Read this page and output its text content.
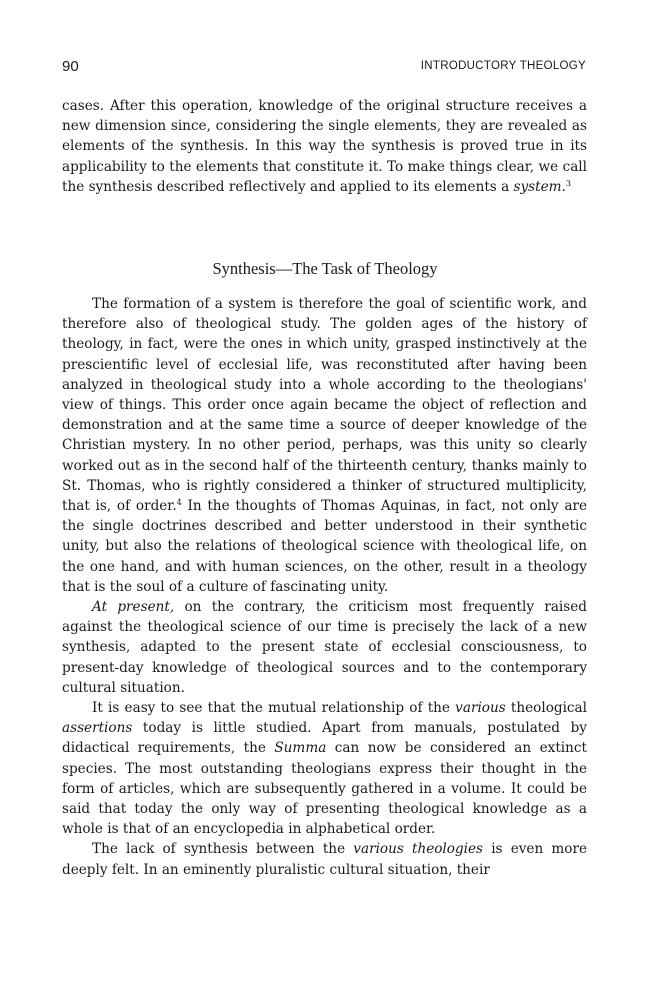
90	INTRODUCTORY THEOLOGY

cases. After this operation, knowledge of the original structure receives a new dimension since, considering the single elements, they are revealed as elements of the synthesis. In this way the synthesis is proved true in its applicability to the elements that constitute it. To make things clear, we call the synthesis described reflectively and applied to its elements a system.$^3$

Synthesis—The Task of Theology

The formation of a system is therefore the goal of scientific work, and therefore also of theological study. The golden ages of the history of theology, in fact, were the ones in which unity, grasped instinctively at the prescientific level of ecclesial life, was reconstituted after having been analyzed in theological study into a whole according to the theologians' view of things. This order once again became the object of reflection and demonstration and at the same time a source of deeper knowledge of the Christian mystery. In no other period, perhaps, was this unity so clearly worked out as in the second half of the thirteenth century, thanks mainly to St. Thomas, who is rightly considered a thinker of structured multiplicity, that is, of order.$^4$ In the thoughts of Thomas Aquinas, in fact, not only are the single doctrines described and better understood in their synthetic unity, but also the relations of theological science with theological life, on the one hand, and with human sciences, on the other, result in a theology that is the soul of a culture of fascinating unity.

At present, on the contrary, the criticism most frequently raised against the theological science of our time is precisely the lack of a new synthesis, adapted to the present state of ecclesial consciousness, to present-day knowledge of theological sources and to the contemporary cultural situation.

It is easy to see that the mutual relationship of the various theological assertions today is little studied. Apart from manuals, postulated by didactical requirements, the Summa can now be considered an extinct species. The most outstanding theologians express their thought in the form of articles, which are subsequently gathered in a volume. It could be said that today the only way of presenting theological knowledge as a whole is that of an encyclopedia in alphabetical order.

The lack of synthesis between the various theologies is even more deeply felt. In an eminently pluralistic cultural situation, their
